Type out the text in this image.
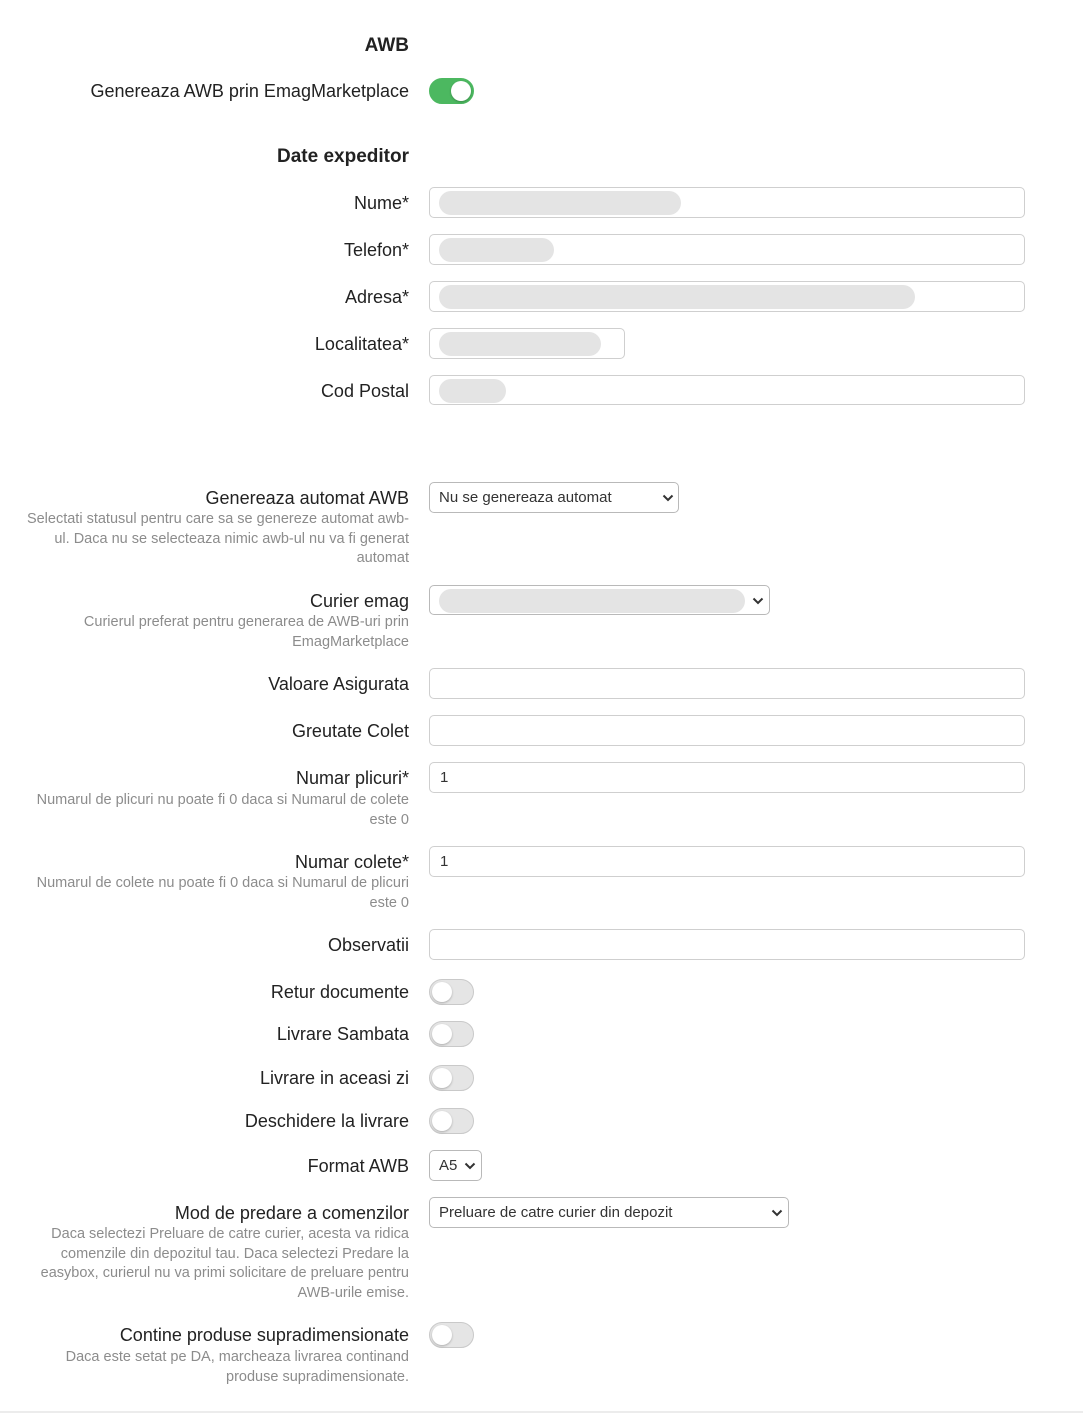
AWB
Genereaza AWB prin EmagMarketplace
Date expeditor
Nume*
Telefon*
Adresa*
Localitatea*
Cod Postal
Genereaza automat AWB
Selectati statusul pentru care sa se genereze automat awb-ul. Daca nu se selecteaza nimic awb-ul nu va fi generat automat
Nu se genereaza automat
Curier emag
Curierul preferat pentru generarea de AWB-uri prin EmagMarketplace
Valoare Asigurata
Greutate Colet
Numar plicuri*
Numarul de plicuri nu poate fi 0 daca si Numarul de colete este 0
1
Numar colete*
Numarul de colete nu poate fi 0 daca si Numarul de plicuri este 0
1
Observatii
Retur documente
Livrare Sambata
Livrare in aceasi zi
Deschidere la livrare
Format AWB	A5
Mod de predare a comenzilor
Daca selectezi Preluare de catre curier, acesta va ridica comenzile din depozitul tau. Daca selectezi Predare la easybox, curierul nu va primi solicitare de preluare pentru AWB-urile emise.
Preluare de catre curier din depozit
Contine produse supradimensionate
Daca este setat pe DA, marcheaza livrarea continand produse supradimensionate.
